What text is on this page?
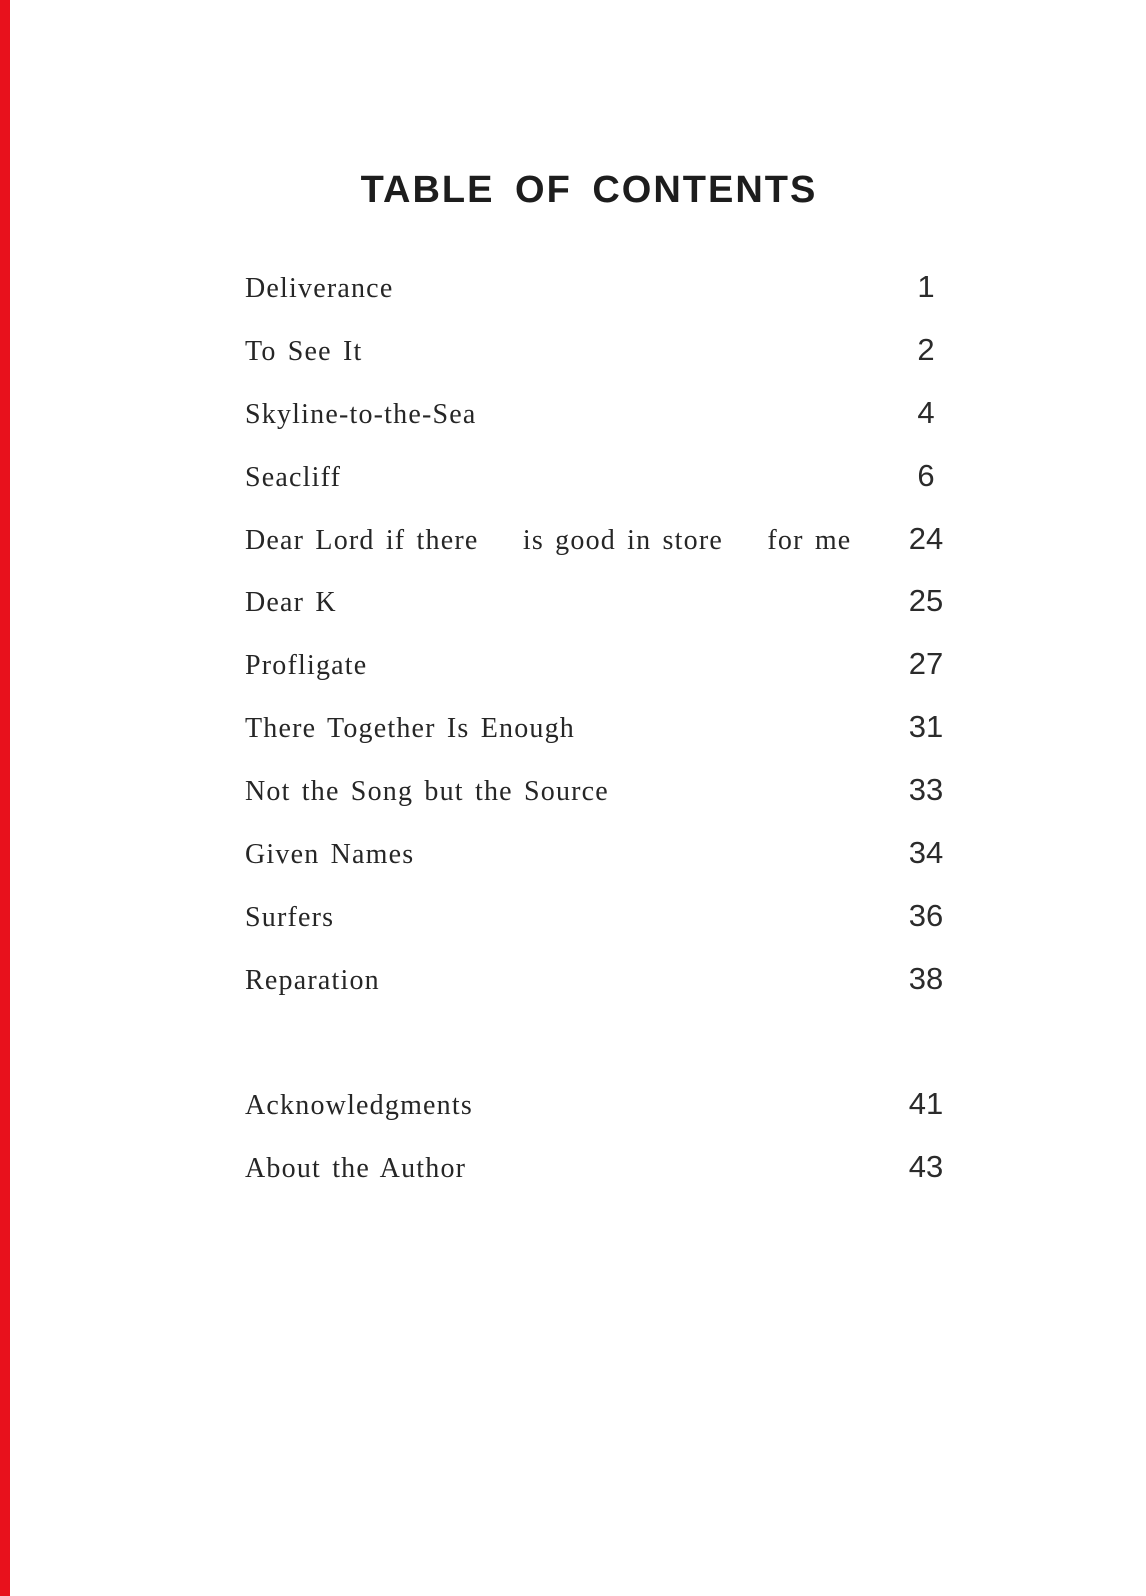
TABLE OF CONTENTS
Deliverance	1
To See It	2
Skyline-to-the-Sea	4
Seacliff	6
Dear Lord if there  is good in store  for me	24
Dear K	25
Profligate	27
There Together Is Enough	31
Not the Song but the Source	33
Given Names	34
Surfers	36
Reparation	38
Acknowledgments	41
About the Author	43
